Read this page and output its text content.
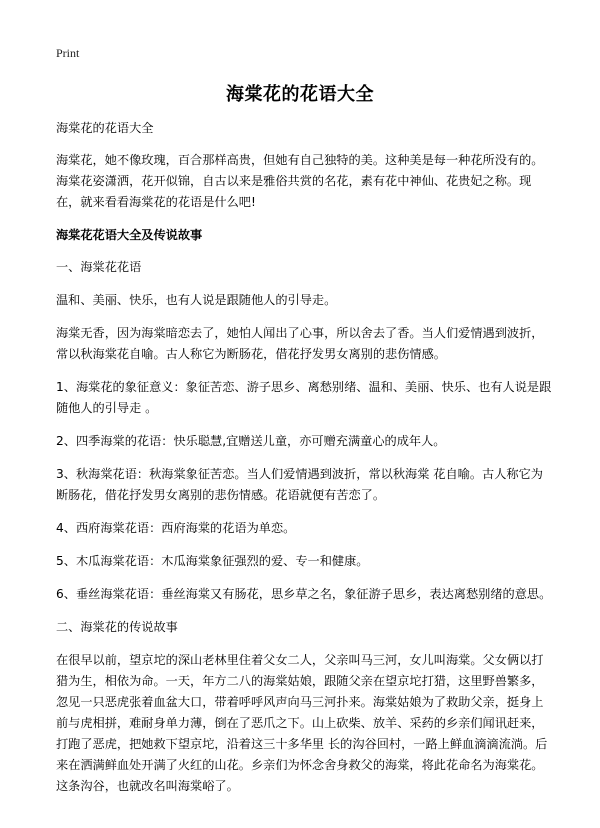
Print
海棠花的花语大全

海棠花的花语大全

海棠花，她不像玫瑰，百合那样高贵，但她有自己独特的美。这种美是每一种花所没有的。海棠花姿潇洒，花开似锦，自古以来是雅俗共赏的名花，素有花中神仙、花贵妃之称。现在，就来看看海棠花的花语是什么吧!

海棠花花语大全及传说故事

一、海棠花花语

温和、美丽、快乐，也有人说是跟随他人的引导走。

海棠无香，因为海棠暗恋去了，她怕人闻出了心事，所以舍去了香。当人们爱情遇到波折，常以秋海棠花自喻。古人称它为断肠花，借花抒发男女离别的悲伤情感。

1、海棠花的象征意义：象征苦恋、游子思乡、离愁别绪、温和、美丽、快乐、也有人说是跟随他人的引导走 。

2、四季海棠的花语：快乐聪慧,宜赠送儿童，亦可赠充满童心的成年人。

3、秋海棠花语：秋海棠象征苦恋。当人们爱情遇到波折，常以秋海棠 花自喻。古人称它为断肠花，借花抒发男女离别的悲伤情感。花语就便有苦恋了。

4、西府海棠花语：西府海棠的花语为单恋。

5、木瓜海棠花语：木瓜海棠象征强烈的爱、专一和健康。

6、垂丝海棠花语：垂丝海棠又有肠花，思乡草之名，象征游子思乡，表达离愁别绪的意思。

二、海棠花的传说故事

在很早以前，望京坨的深山老林里住着父女二人，父亲叫马三河，女儿叫海棠。父女俩以打猎为生，相依为命。一天，年方二八的海棠姑娘，跟随父亲在望京坨打猎，这里野兽繁多，忽见一只恶虎张着血盆大口，带着呼呼风声向马三河扑来。海棠姑娘为了救助父亲，挺身上前与虎相拼，难耐身单力薄，倒在了恶爪之下。山上砍柴、放羊、采药的乡亲们闻讯赶来，打跑了恶虎，把她救下望京坨，沿着这三十多华里 长的沟谷回村，一路上鲜血滴滴流淌。后来在洒满鲜血处开满了火红的山花。乡亲们为怀念舍身救父的海棠，将此花命名为海棠花。这条沟谷，也就改名叫海棠峪了。
